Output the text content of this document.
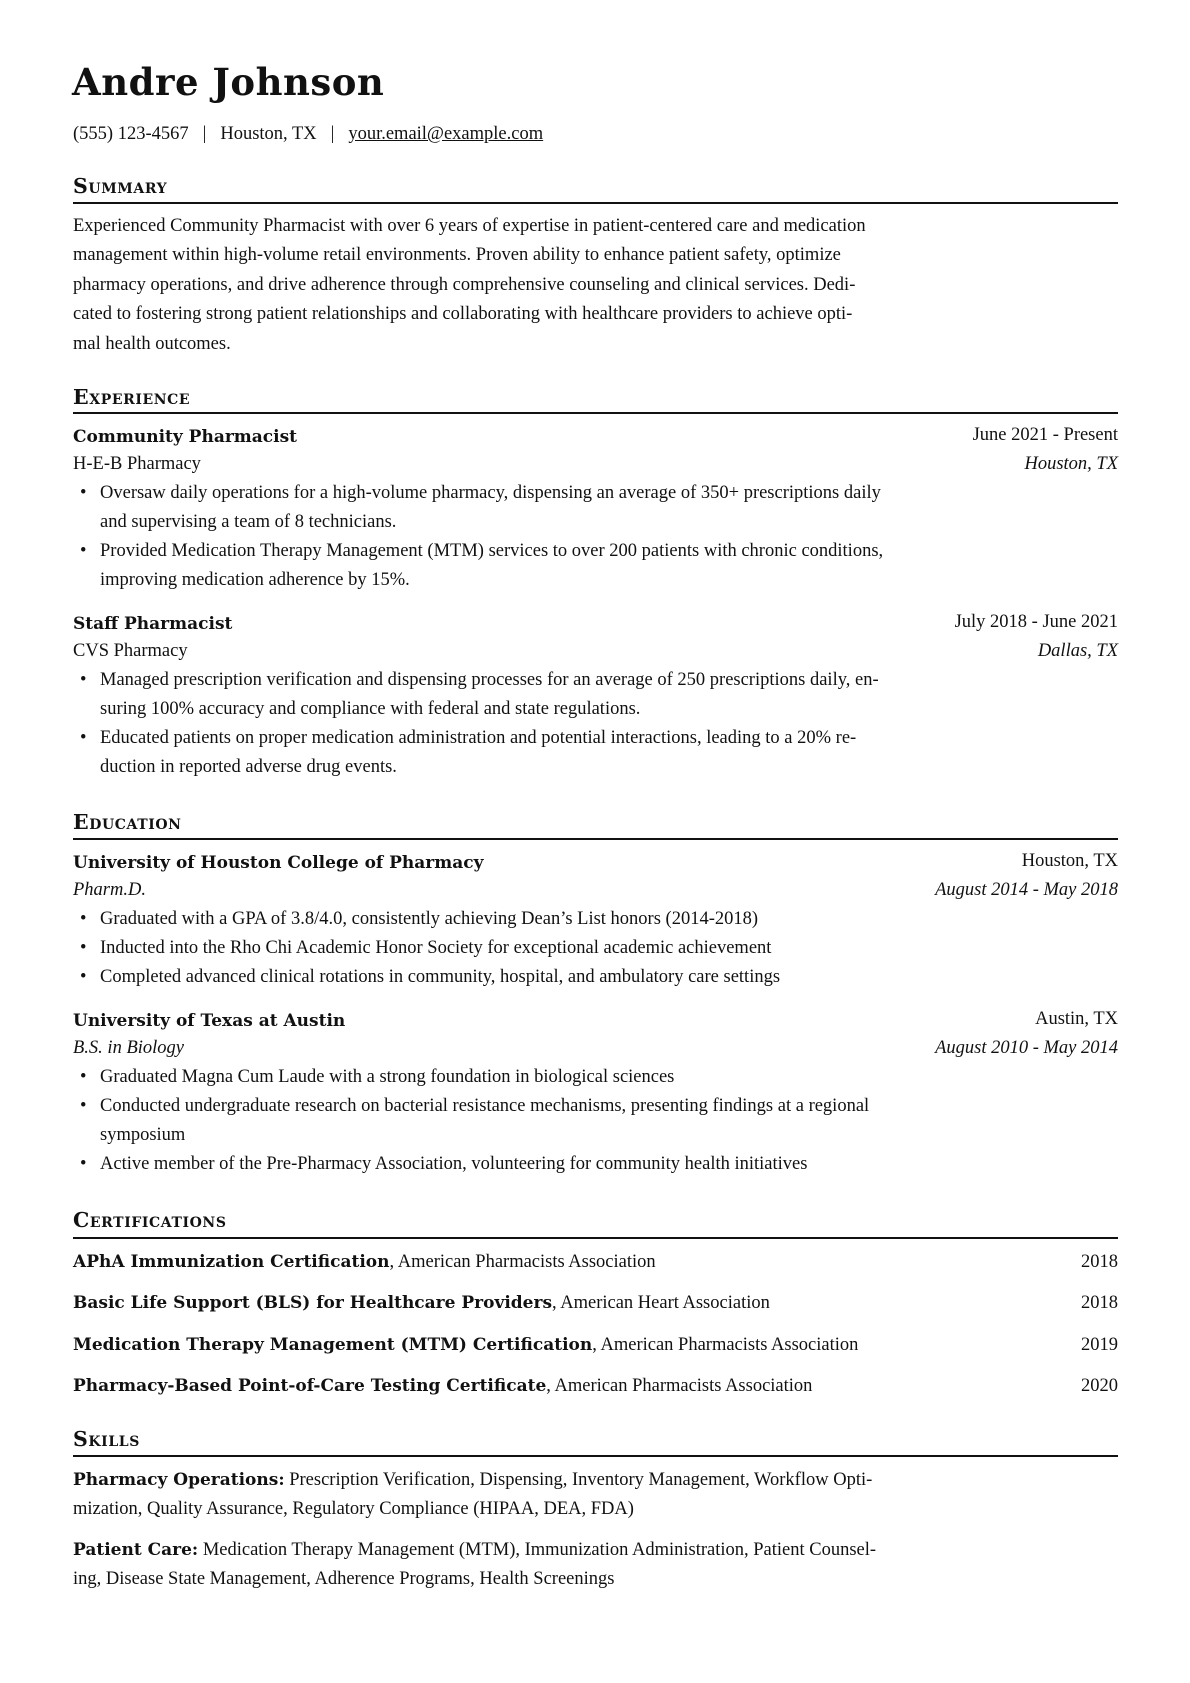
Andre Johnson
(555) 123-4567 | Houston, TX | your.email@example.com
Summary
Experienced Community Pharmacist with over 6 years of expertise in patient-centered care and medication
management within high-volume retail environments. Proven ability to enhance patient safety, optimize
pharmacy operations, and drive adherence through comprehensive counseling and clinical services. Dedi-
cated to fostering strong patient relationships and collaborating with healthcare providers to achieve opti-
mal health outcomes.
Experience
Community Pharmacist	June 2021 - Present
H-E-B Pharmacy	Houston, TX
• Oversaw daily operations for a high-volume pharmacy, dispensing an average of 350+ prescriptions daily
and supervising a team of 8 technicians.
• Provided Medication Therapy Management (MTM) services to over 200 patients with chronic conditions,
improving medication adherence by 15%.
Staff Pharmacist	July 2018 - June 2021
CVS Pharmacy	Dallas, TX
• Managed prescription verification and dispensing processes for an average of 250 prescriptions daily, en-
suring 100% accuracy and compliance with federal and state regulations.
• Educated patients on proper medication administration and potential interactions, leading to a 20% re-
duction in reported adverse drug events.
Education
University of Houston College of Pharmacy	Houston, TX
Pharm.D.	August 2014 - May 2018
• Graduated with a GPA of 3.8/4.0, consistently achieving Dean’s List honors (2014-2018)
• Inducted into the Rho Chi Academic Honor Society for exceptional academic achievement
• Completed advanced clinical rotations in community, hospital, and ambulatory care settings
University of Texas at Austin	Austin, TX
B.S. in Biology	August 2010 - May 2014
• Graduated Magna Cum Laude with a strong foundation in biological sciences
• Conducted undergraduate research on bacterial resistance mechanisms, presenting findings at a regional
symposium
• Active member of the Pre-Pharmacy Association, volunteering for community health initiatives
Certifications
APhA Immunization Certification, American Pharmacists Association	2018
Basic Life Support (BLS) for Healthcare Providers, American Heart Association	2018
Medication Therapy Management (MTM) Certification, American Pharmacists Association	2019
Pharmacy-Based Point-of-Care Testing Certificate, American Pharmacists Association	2020
Skills
Pharmacy Operations: Prescription Verification, Dispensing, Inventory Management, Workflow Opti-
mization, Quality Assurance, Regulatory Compliance (HIPAA, DEA, FDA)
Patient Care: Medication Therapy Management (MTM), Immunization Administration, Patient Counsel-
ing, Disease State Management, Adherence Programs, Health Screenings
